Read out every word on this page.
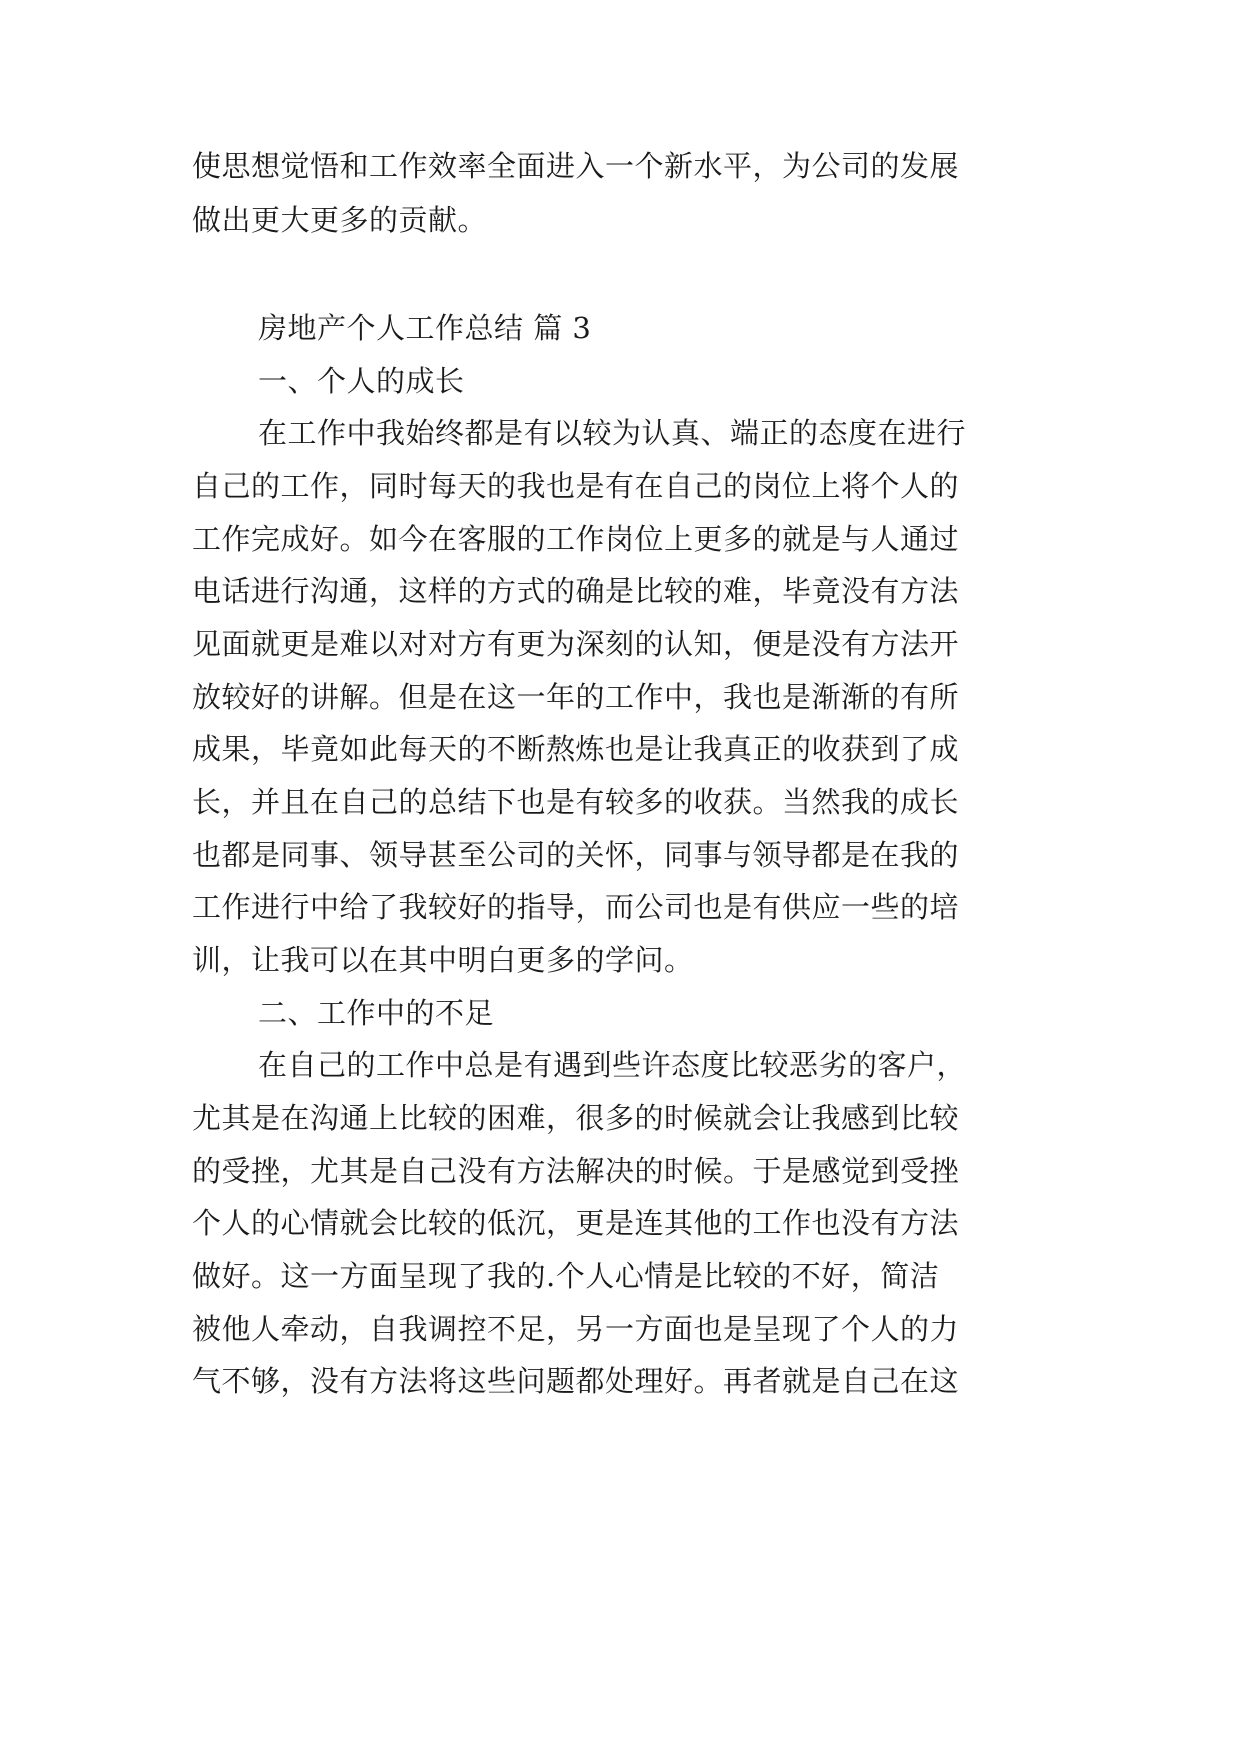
使思想觉悟和工作效率全面进入一个新水平，为公司的发展
做出更大更多的贡献。
房地产个人工作总结 篇 3
一、个人的成长
在工作中我始终都是有以较为认真、端正的态度在进行
自己的工作，同时每天的我也是有在自己的岗位上将个人的
工作完成好。如今在客服的工作岗位上更多的就是与人通过
电话进行沟通，这样的方式的确是比较的难，毕竟没有方法
见面就更是难以对对方有更为深刻的认知，便是没有方法开
放较好的讲解。但是在这一年的工作中，我也是渐渐的有所
成果，毕竟如此每天的不断熬炼也是让我真正的收获到了成
长，并且在自己的总结下也是有较多的收获。当然我的成长
也都是同事、领导甚至公司的关怀，同事与领导都是在我的
工作进行中给了我较好的指导，而公司也是有供应一些的培
训，让我可以在其中明白更多的学问。
二、工作中的不足
在自己的工作中总是有遇到些许态度比较恶劣的客户，
尤其是在沟通上比较的困难，很多的时候就会让我感到比较
的受挫，尤其是自己没有方法解决的时候。于是感觉到受挫
个人的心情就会比较的低沉，更是连其他的工作也没有方法
做好。这一方面呈现了我的.个人心情是比较的不好，简洁
被他人牵动，自我调控不足，另一方面也是呈现了个人的力
气不够，没有方法将这些问题都处理好。再者就是自己在这
